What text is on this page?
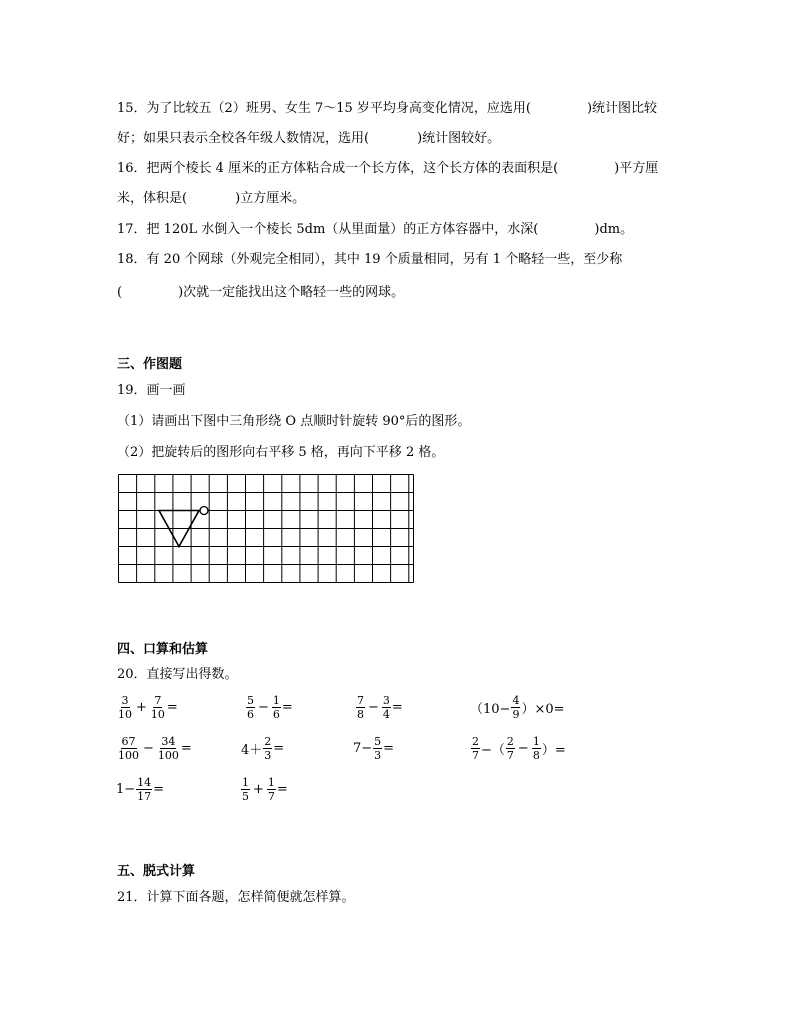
15．为了比较五（2）班男、女生 7～15 岁平均身高变化情况，应选用(	)统计图比较
好；如果只表示全校各年级人数情况，选用(	)统计图较好。
16．把两个棱长 4 厘米的正方体粘合成一个长方体，这个长方体的表面积是(	)平方厘
米，体积是(	)立方厘米。
17．把 120L 水倒入一个棱长 5dm（从里面量）的正方体容器中，水深(	)dm。
18．有 20 个网球（外观完全相同），其中 19 个质量相同，另有 1 个略轻一些，至少称
(	)次就一定能找出这个略轻一些的网球。
三、作图题
19．画一画
（1）请画出下图中三角形绕 O 点顺时针旋转 90°后的图形。
（2）把旋转后的图形向右平移 5 格，再向下平移 2 格。
四、口算和估算
20．直接写出得数。
$\frac{3}{10} + \frac{7}{10}$ =	$\frac{5}{6} - \frac{1}{6}$ =	$\frac{7}{8} - \frac{3}{4}$ =	$(10- \frac{4}{9} )\times 0=$
$\frac{67}{100} - \frac{34}{100}$ =	$4+ \frac{2}{3}$ =	$7- \frac{5}{3}$ =	$\frac{2}{7}$ −（ $\frac{2}{7} - \frac{1}{8}$ ）=
$1- \frac{14}{17}$ =	$\frac{1}{5} + \frac{1}{7}$ =
五、脱式计算
21．计算下面各题，怎样简便就怎样算。
